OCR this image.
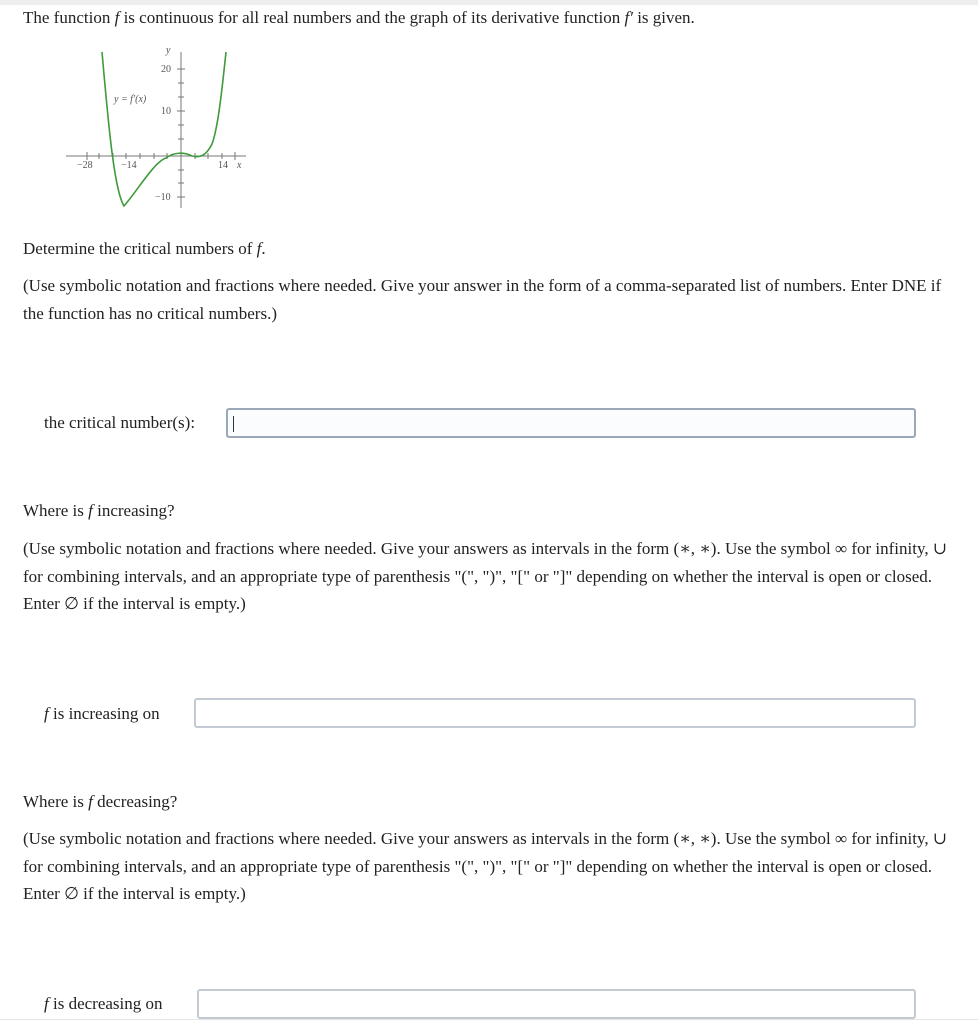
The function f is continuous for all real numbers and the graph of its derivative function f′ is given.
y
x
y = f′(x)
−28	−14	14
20
10
−10
Determine the critical numbers of f.
(Use symbolic notation and fractions where needed. Give your answer in the form of a comma-separated list of numbers. Enter DNE if the function has no critical numbers.)
the critical number(s):
Where is f increasing?
(Use symbolic notation and fractions where needed. Give your answers as intervals in the form (∗, ∗). Use the symbol ∞ for infinity, ∪ for combining intervals, and an appropriate type of parenthesis "(", ")", "[" or "]" depending on whether the interval is open or closed. Enter ∅ if the interval is empty.)
f is increasing on
Where is f decreasing?
(Use symbolic notation and fractions where needed. Give your answers as intervals in the form (∗, ∗). Use the symbol ∞ for infinity, ∪ for combining intervals, and an appropriate type of parenthesis "(", ")", "[" or "]" depending on whether the interval is open or closed. Enter ∅ if the interval is empty.)
f is decreasing on
